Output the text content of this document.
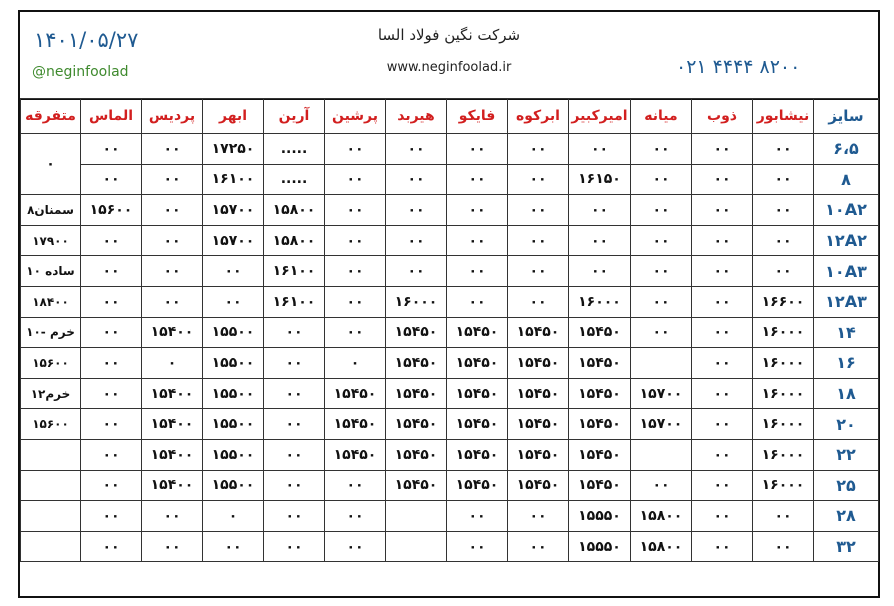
۱۴۰۱/۰۵/۲۷
@neginfoolad
شرکت نگین فولاد السا
www.neginfoolad.ir	۰۲۱ ۴۴۴۴ ۸۲۰۰
متفرقه	الماس	پردیس	ابهر	آرین	پرشین	هیربد	فایکو	ابرکوه	امیرکبیر	میانه	ذوب	نیشابور	سایز
۰	۰۰	۰۰	۱۷۲۵۰	.....	۰۰	۰۰	۰۰	۰۰	۰۰	۰۰	۰۰	۰۰	۶،۵
	۰۰	۰۰	۱۶۱۰۰	.....	۰۰	۰۰	۰۰	۰۰	۱۶۱۵۰	۰۰	۰۰	۰۰	۸
۸سمنان	۱۵۶۰۰	۰۰	۱۵۷۰۰	۱۵۸۰۰	۰۰	۰۰	۰۰	۰۰	۰۰	۰۰	۰۰	۰۰	۱۰A۲
۱۷۹۰۰	۰۰	۰۰	۱۵۷۰۰	۱۵۸۰۰	۰۰	۰۰	۰۰	۰۰	۰۰	۰۰	۰۰	۰۰	۱۲A۲
۱۰ ساده	۰۰	۰۰	۰۰	۱۶۱۰۰	۰۰	۰۰	۰۰	۰۰	۰۰	۰۰	۰۰	۰۰	۱۰A۳
۱۸۴۰۰	۰۰	۰۰	۰۰	۱۶۱۰۰	۰۰	۱۶۰۰۰	۰۰	۰۰	۱۶۰۰۰	۰۰	۰۰	۱۶۶۰۰	۱۲A۳
۱۰- خرم	۰۰	۱۵۴۰۰	۱۵۵۰۰	۰۰	۰۰	۱۵۴۵۰	۱۵۴۵۰	۱۵۴۵۰	۱۵۴۵۰	۰۰	۰۰	۱۶۰۰۰	۱۴
۱۵۶۰۰	۰۰	۰	۱۵۵۰۰	۰۰	۰	۱۵۴۵۰	۱۵۴۵۰	۱۵۴۵۰	۱۵۴۵۰		۰۰	۱۶۰۰۰	۱۶
۱۲خرم	۰۰	۱۵۴۰۰	۱۵۵۰۰	۰۰	۱۵۴۵۰	۱۵۴۵۰	۱۵۴۵۰	۱۵۴۵۰	۱۵۴۵۰	۱۵۷۰۰	۰۰	۱۶۰۰۰	۱۸
۱۵۶۰۰	۰۰	۱۵۴۰۰	۱۵۵۰۰	۰۰	۱۵۴۵۰	۱۵۴۵۰	۱۵۴۵۰	۱۵۴۵۰	۱۵۴۵۰	۱۵۷۰۰	۰۰	۱۶۰۰۰	۲۰
	۰۰	۱۵۴۰۰	۱۵۵۰۰	۰۰	۱۵۴۵۰	۱۵۴۵۰	۱۵۴۵۰	۱۵۴۵۰	۱۵۴۵۰		۰۰	۱۶۰۰۰	۲۲
	۰۰	۱۵۴۰۰	۱۵۵۰۰	۰۰	۰۰	۱۵۴۵۰	۱۵۴۵۰	۱۵۴۵۰	۱۵۴۵۰	۰۰	۰۰	۱۶۰۰۰	۲۵
	۰۰	۰۰	۰	۰۰	۰۰		۰۰	۰۰	۱۵۵۵۰	۱۵۸۰۰	۰۰	۰۰	۲۸
	۰۰	۰۰	۰۰	۰۰	۰۰		۰۰	۰۰	۱۵۵۵۰	۱۵۸۰۰	۰۰	۰۰	۳۲
